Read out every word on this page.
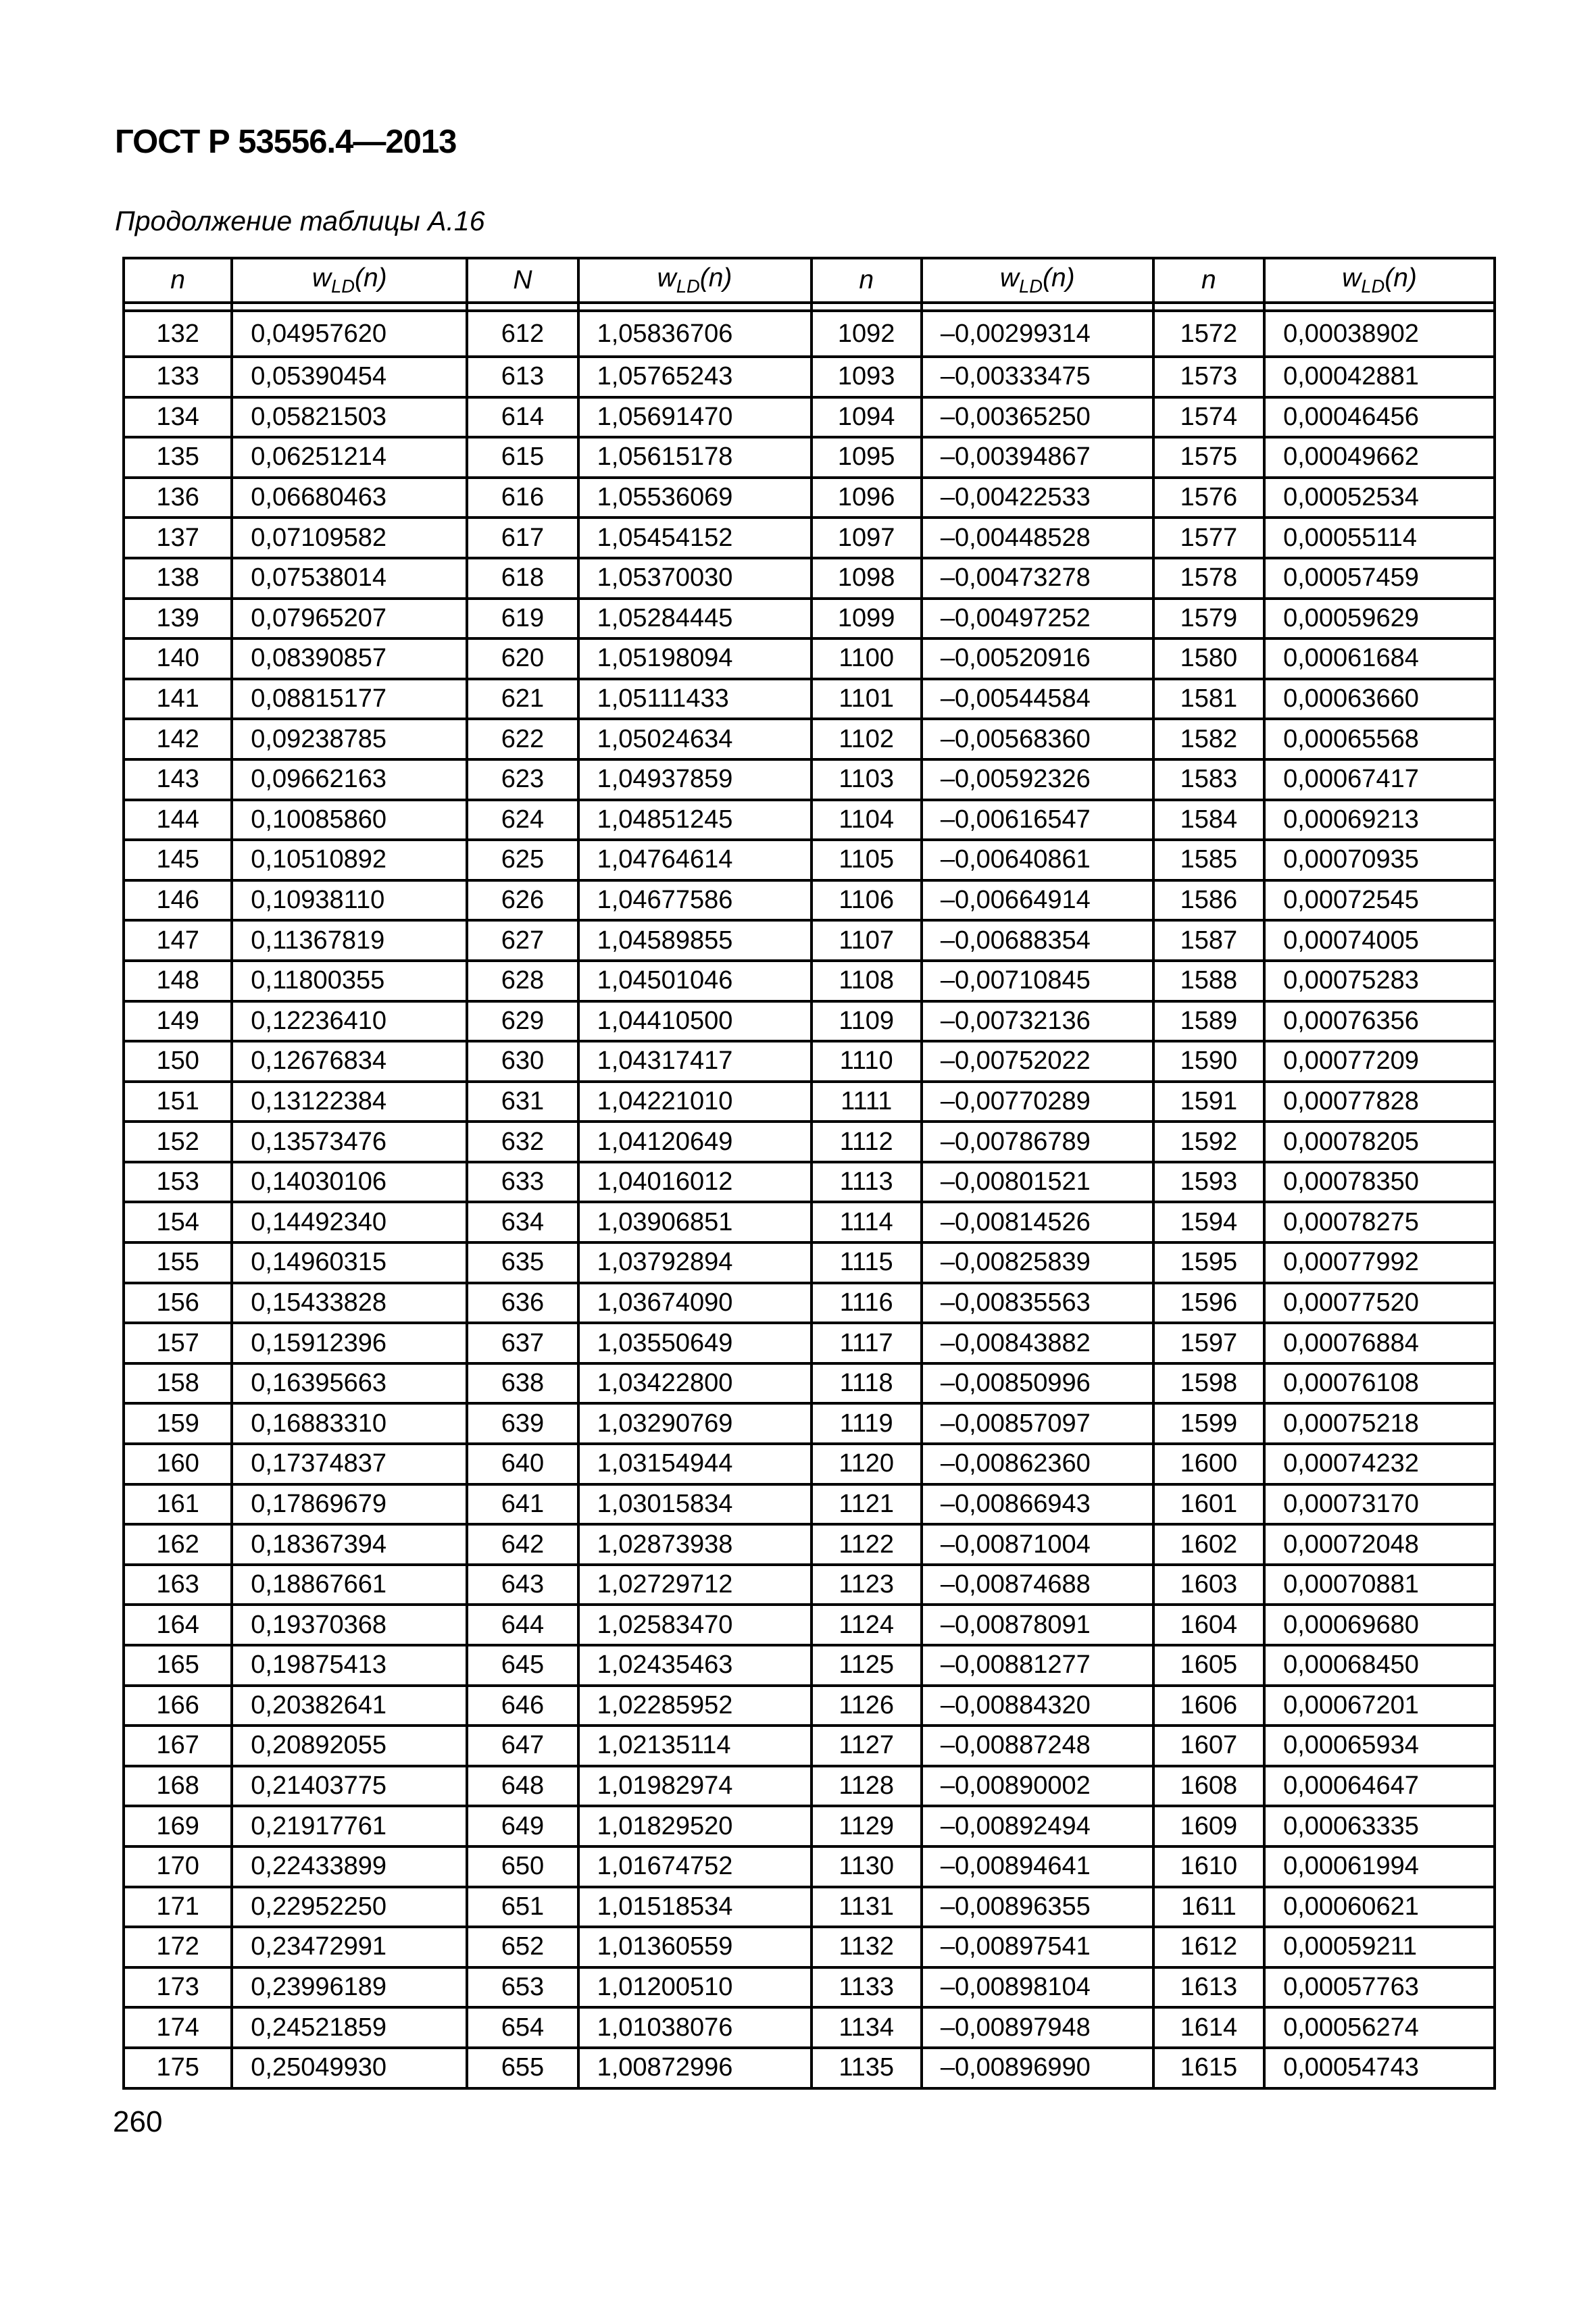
ГОСТ Р 53556.4—2013
Продолжение таблицы А.16
n	$w_{LD}(n)$	N	$w_{LD}(n)$	n	$w_{LD}(n)$	n	$w_{LD}(n)$

132	0,04957620	612	1,05836706	1092	–0,00299314	1572	0,00038902
133	0,05390454	613	1,05765243	1093	–0,00333475	1573	0,00042881
134	0,05821503	614	1,05691470	1094	–0,00365250	1574	0,00046456
135	0,06251214	615	1,05615178	1095	–0,00394867	1575	0,00049662
136	0,06680463	616	1,05536069	1096	–0,00422533	1576	0,00052534
137	0,07109582	617	1,05454152	1097	–0,00448528	1577	0,00055114
138	0,07538014	618	1,05370030	1098	–0,00473278	1578	0,00057459
139	0,07965207	619	1,05284445	1099	–0,00497252	1579	0,00059629
140	0,08390857	620	1,05198094	1100	–0,00520916	1580	0,00061684
141	0,08815177	621	1,05111433	1101	–0,00544584	1581	0,00063660
142	0,09238785	622	1,05024634	1102	–0,00568360	1582	0,00065568
143	0,09662163	623	1,04937859	1103	–0,00592326	1583	0,00067417
144	0,10085860	624	1,04851245	1104	–0,00616547	1584	0,00069213
145	0,10510892	625	1,04764614	1105	–0,00640861	1585	0,00070935
146	0,10938110	626	1,04677586	1106	–0,00664914	1586	0,00072545
147	0,11367819	627	1,04589855	1107	–0,00688354	1587	0,00074005
148	0,11800355	628	1,04501046	1108	–0,00710845	1588	0,00075283
149	0,12236410	629	1,04410500	1109	–0,00732136	1589	0,00076356
150	0,12676834	630	1,04317417	1110	–0,00752022	1590	0,00077209
151	0,13122384	631	1,04221010	1111	–0,00770289	1591	0,00077828
152	0,13573476	632	1,04120649	1112	–0,00786789	1592	0,00078205
153	0,14030106	633	1,04016012	1113	–0,00801521	1593	0,00078350
154	0,14492340	634	1,03906851	1114	–0,00814526	1594	0,00078275
155	0,14960315	635	1,03792894	1115	–0,00825839	1595	0,00077992
156	0,15433828	636	1,03674090	1116	–0,00835563	1596	0,00077520
157	0,15912396	637	1,03550649	1117	–0,00843882	1597	0,00076884
158	0,16395663	638	1,03422800	1118	–0,00850996	1598	0,00076108
159	0,16883310	639	1,03290769	1119	–0,00857097	1599	0,00075218
160	0,17374837	640	1,03154944	1120	–0,00862360	1600	0,00074232
161	0,17869679	641	1,03015834	1121	–0,00866943	1601	0,00073170
162	0,18367394	642	1,02873938	1122	–0,00871004	1602	0,00072048
163	0,18867661	643	1,02729712	1123	–0,00874688	1603	0,00070881
164	0,19370368	644	1,02583470	1124	–0,00878091	1604	0,00069680
165	0,19875413	645	1,02435463	1125	–0,00881277	1605	0,00068450
166	0,20382641	646	1,02285952	1126	–0,00884320	1606	0,00067201
167	0,20892055	647	1,02135114	1127	–0,00887248	1607	0,00065934
168	0,21403775	648	1,01982974	1128	–0,00890002	1608	0,00064647
169	0,21917761	649	1,01829520	1129	–0,00892494	1609	0,00063335
170	0,22433899	650	1,01674752	1130	–0,00894641	1610	0,00061994
171	0,22952250	651	1,01518534	1131	–0,00896355	1611	0,00060621
172	0,23472991	652	1,01360559	1132	–0,00897541	1612	0,00059211
173	0,23996189	653	1,01200510	1133	–0,00898104	1613	0,00057763
174	0,24521859	654	1,01038076	1134	–0,00897948	1614	0,00056274
175	0,25049930	655	1,00872996	1135	–0,00896990	1615	0,00054743
260
